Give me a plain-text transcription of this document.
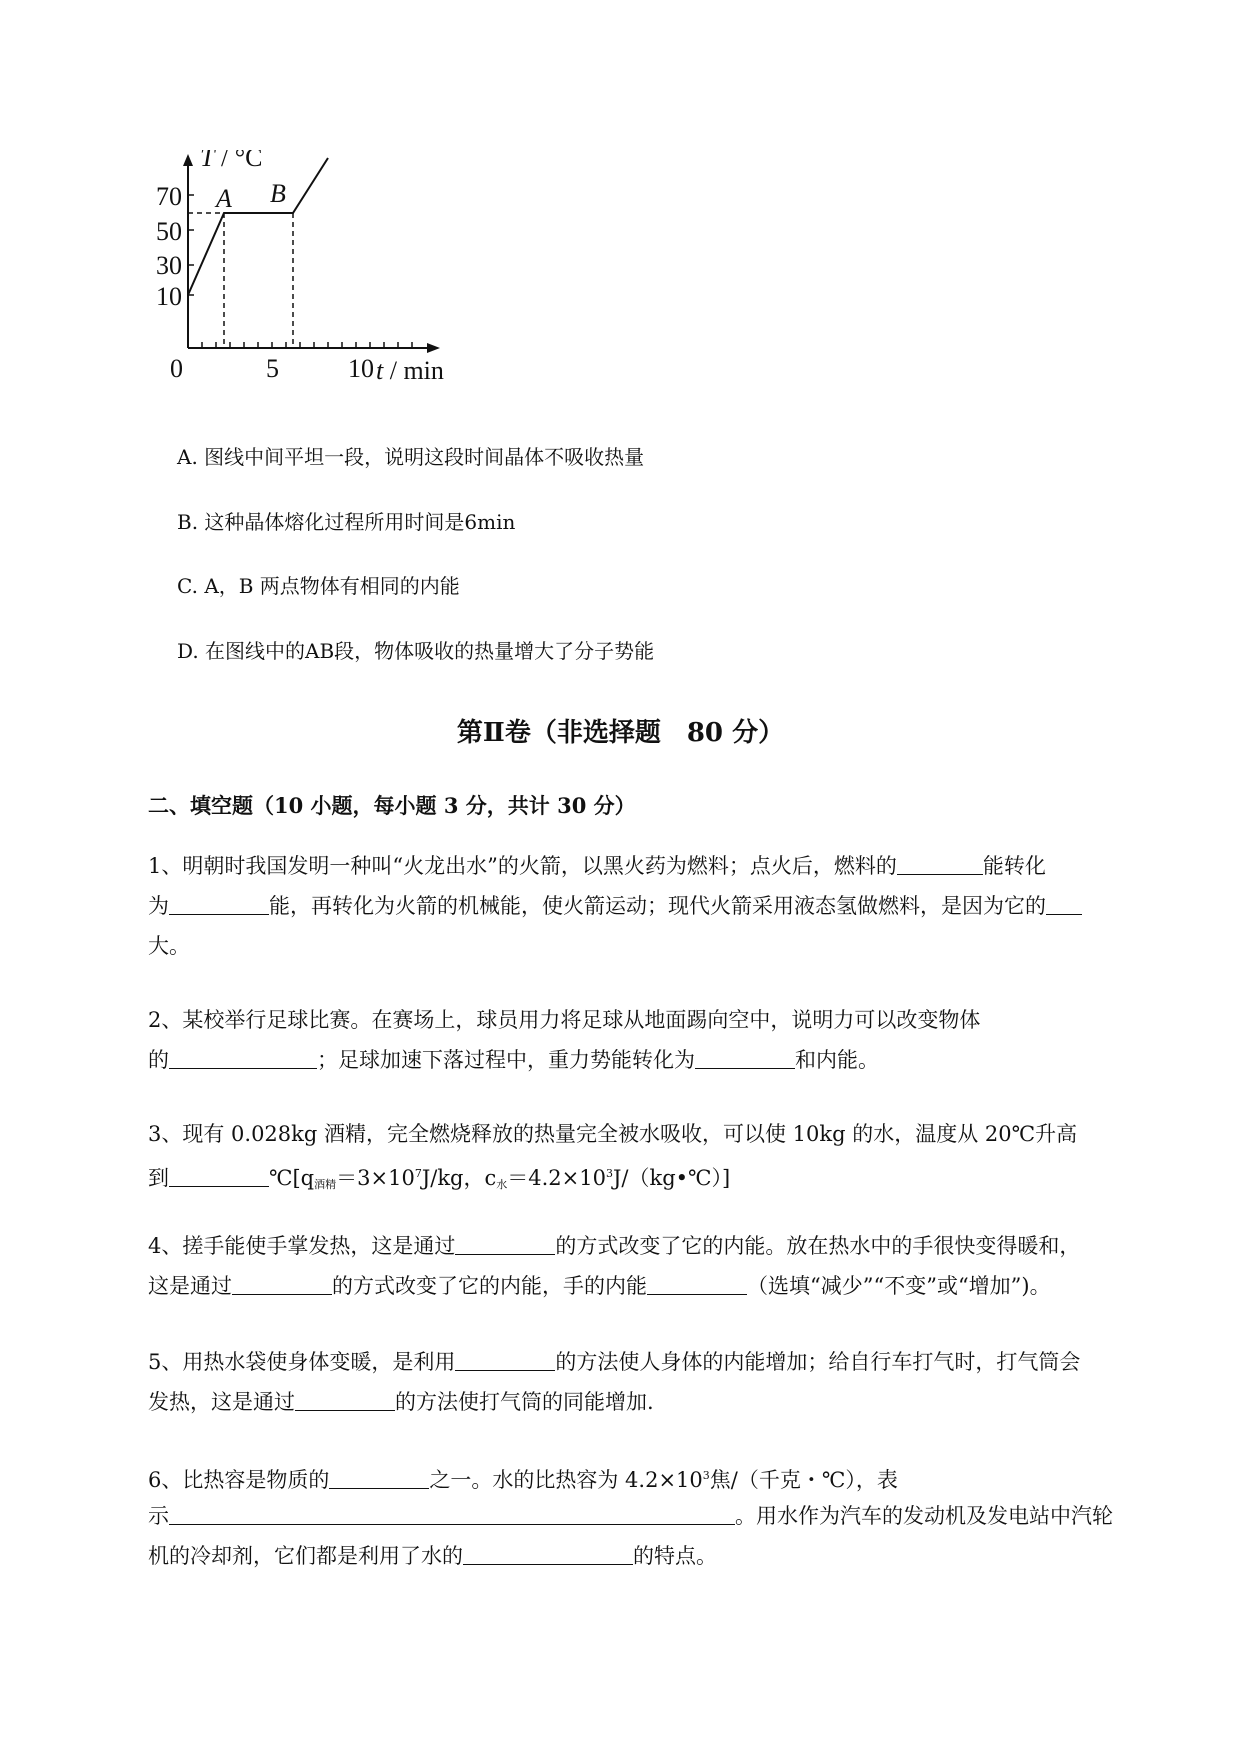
T / °C
A B
70
50
30
10
0	5	10 t / min
A. 图线中间平坦一段，说明这段时间晶体不吸收热量
B. 这种晶体熔化过程所用时间是6min
C. A，B 两点物体有相同的内能
D. 在图线中的AB段，物体吸收的热量增大了分子势能
第Ⅱ卷（非选择题　80 分）
二、填空题（10 小题，每小题 3 分，共计 30 分）
1、明朝时我国发明一种叫“火龙出水”的火箭，以黑火药为燃料；点火后，燃料的	能转化
为	能，再转化为火箭的机械能，使火箭运动；现代火箭采用液态氢做燃料，是因为它的
大。
2、某校举行足球比赛。在赛场上，球员用力将足球从地面踢向空中，说明力可以改变物体
的	；足球加速下落过程中，重力势能转化为	和内能。
3、现有 0.028kg 酒精，完全燃烧释放的热量完全被水吸收，可以使 10kg 的水，温度从 20℃升高
到	$℃[q_{酒精}=3\times 10^7J/kg$，$c_水=4.2\times 10^3J/(kg•℃)$]
4、搓手能使手掌发热，这是通过	的方式改变了它的内能。放在热水中的手很快变得暖和，
这是通过	的方式改变了它的内能，手的内能	（选填“减少”“不变”或“增加”)。
5、用热水袋使身体变暖，是利用	的方法使人身体的内能增加；给自行车打气时，打气筒会
发热，这是通过	的方法使打气筒的同能增加.
6、比热容是物质的	之一。水的比热容为 $4.2\times 10^3$焦/（千克・℃），表
示	。用水作为汽车的发动机及发电站中汽轮
机的冷却剂，它们都是利用了水的	的特点。
